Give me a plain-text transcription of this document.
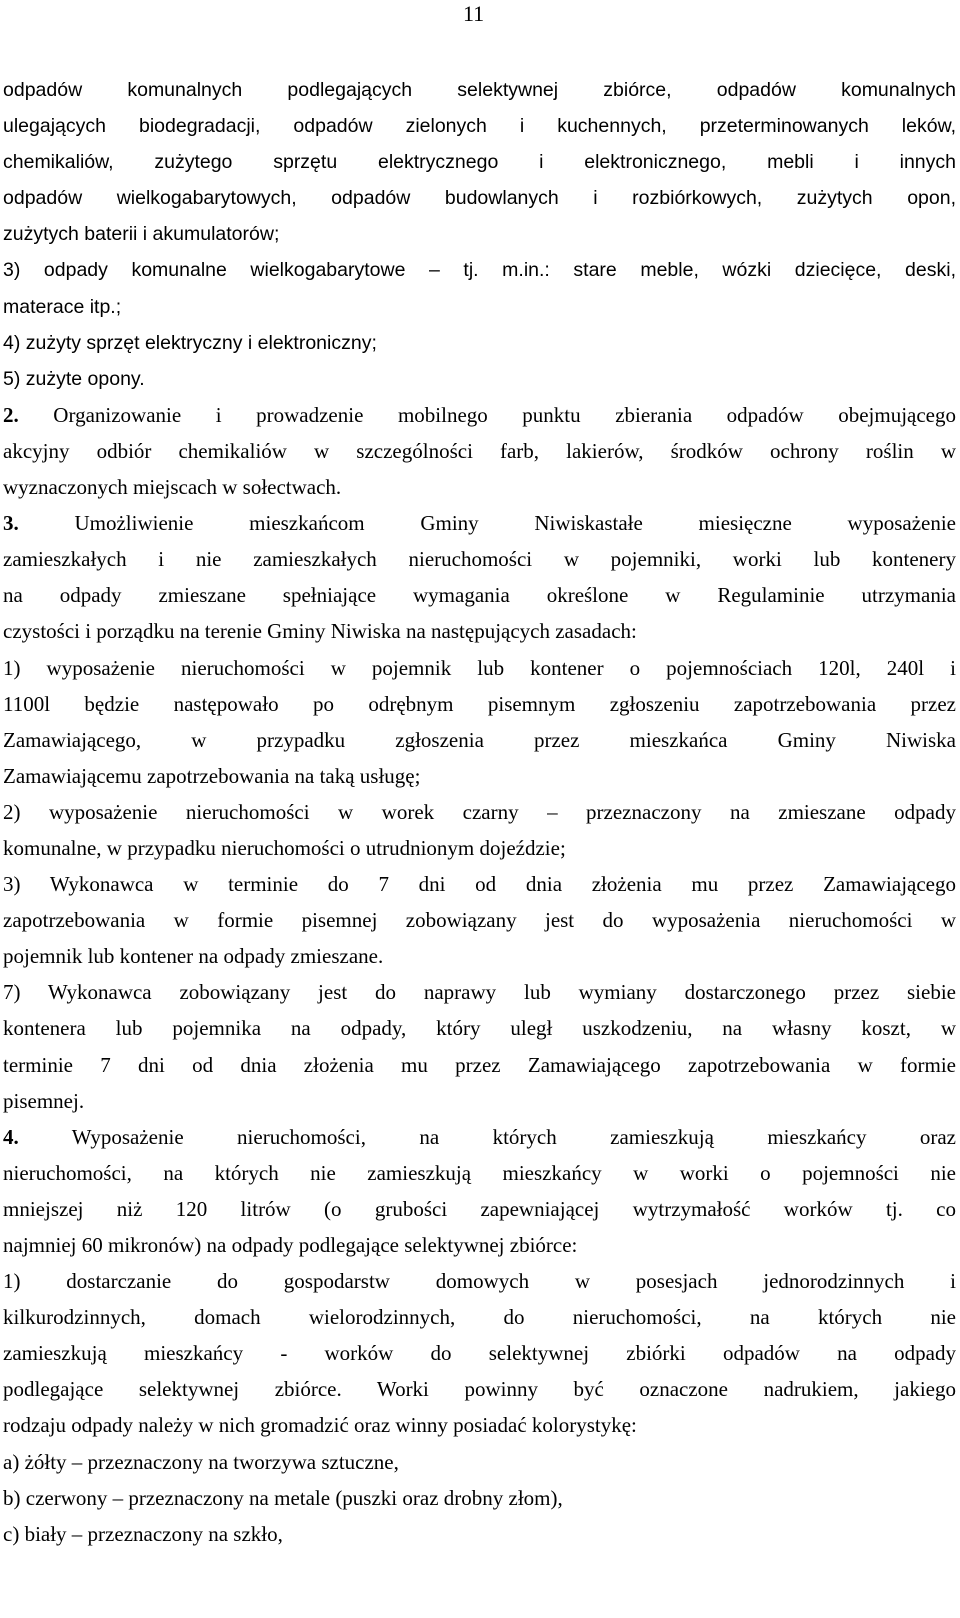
11
odpadów komunalnych podlegających selektywnej zbiórce, odpadów komunalnych
ulegających biodegradacji, odpadów zielonych i kuchennych, przeterminowanych leków,
chemikaliów, zużytego sprzętu elektrycznego i elektronicznego, mebli i innych
odpadów wielkogabarytowych, odpadów budowlanych i rozbiórkowych, zużytych opon,
zużytych baterii i akumulatorów;
3) odpady komunalne wielkogabarytowe – tj. m.in.: stare meble, wózki dziecięce, deski,
materace itp.;
4) zużyty sprzęt elektryczny i elektroniczny;
5) zużyte opony.
2. Organizowanie i prowadzenie mobilnego punktu zbierania odpadów obejmującego
akcyjny odbiór chemikaliów w szczególności farb, lakierów, środków ochrony roślin w
wyznaczonych miejscach w sołectwach.
3.	Umożliwienie mieszkańcom Gminy Niwiskastałe miesięczne wyposażenie
zamieszkałych i nie zamieszkałych nieruchomości w pojemniki, worki lub kontenery
na odpady zmieszane spełniające wymagania określone w Regulaminie utrzymania
czystości i porządku na terenie Gminy Niwiska na następujących zasadach:
1) wyposażenie nieruchomości w pojemnik lub kontener o pojemnościach 120l, 240l i
1100l będzie następowało po odrębnym pisemnym zgłoszeniu zapotrzebowania przez
Zamawiającego, w przypadku zgłoszenia przez mieszkańca Gminy Niwiska
Zamawiającemu zapotrzebowania na taką usługę;
2) wyposażenie nieruchomości w worek czarny – przeznaczony na zmieszane odpady
komunalne, w przypadku nieruchomości o utrudnionym dojeździe;
3) Wykonawca w terminie do 7 dni od dnia złożenia mu przez Zamawiającego
zapotrzebowania w formie pisemnej zobowiązany jest do wyposażenia nieruchomości w
pojemnik lub kontener na odpady zmieszane.
7) Wykonawca zobowiązany jest do naprawy lub wymiany dostarczonego przez siebie
kontenera lub pojemnika na odpady, który uległ uszkodzeniu, na własny koszt, w
terminie 7 dni od dnia złożenia mu przez Zamawiającego zapotrzebowania w formie
pisemnej.
4.	Wyposażenie nieruchomości, na których zamieszkują mieszkańcy oraz
nieruchomości, na których nie zamieszkują mieszkańcy w worki o pojemności nie
mniejszej niż 120 litrów (o grubości zapewniającej wytrzymałość worków tj. co
najmniej 60 mikronów) na odpady podlegające selektywnej zbiórce:
1) dostarczanie do gospodarstw domowych w posesjach jednorodzinnych i
kilkurodzinnych, domach wielorodzinnych, do nieruchomości, na których nie
zamieszkują mieszkańcy - worków do selektywnej zbiórki odpadów na odpady
podlegające selektywnej zbiórce. Worki powinny być oznaczone nadrukiem, jakiego
rodzaju odpady należy w nich gromadzić oraz winny posiadać kolorystykę:
a) żółty – przeznaczony na tworzywa sztuczne,
b) czerwony – przeznaczony na metale (puszki oraz drobny złom),
c) biały – przeznaczony na szkło,
